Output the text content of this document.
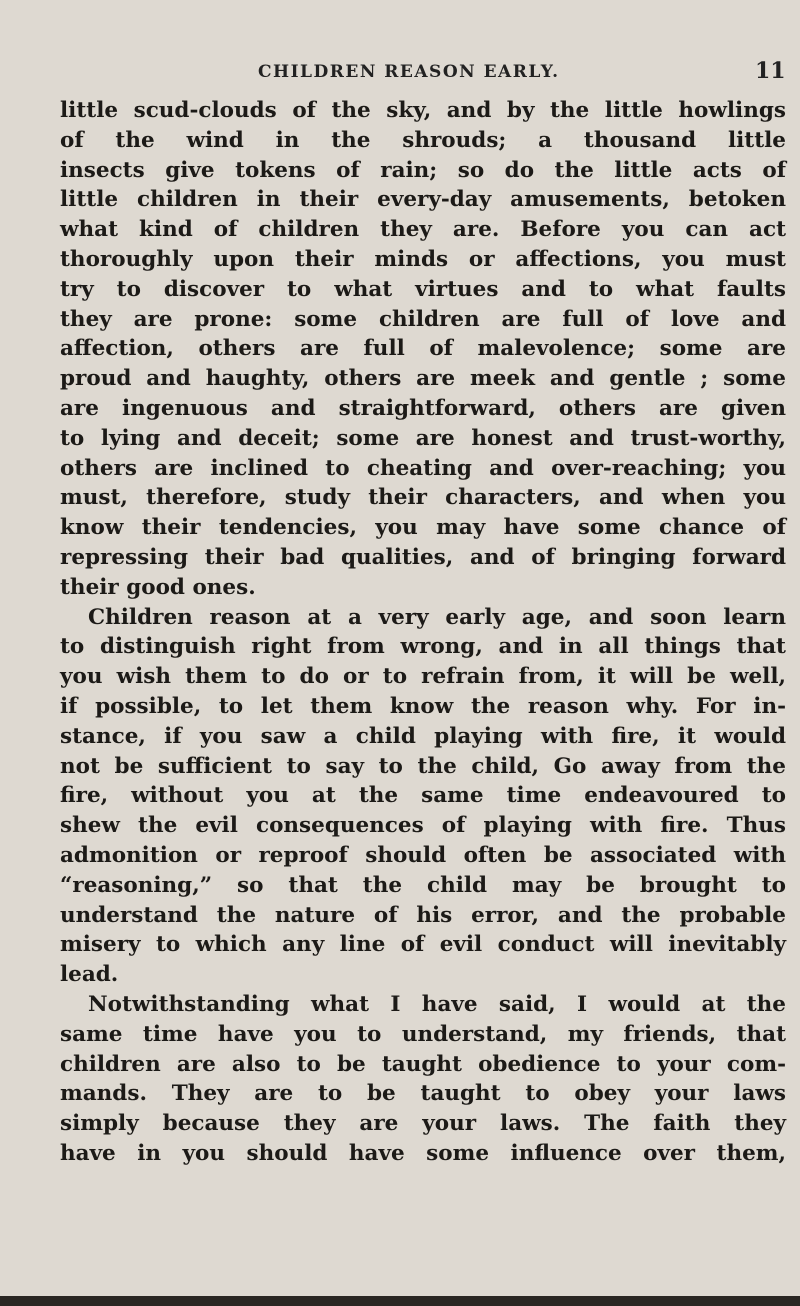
CHILDREN REASON EARLY.	11
little scud-clouds of the sky, and by the little howlings
of the wind in the shrouds; a thousand little
insects give tokens of rain; so do the little acts of
little children in their every-day amusements, betoken
what kind of children they are. Before you can act
thoroughly upon their minds or affections, you must
try to discover to what virtues and to what faults
they are prone: some children are full of love and
affection, others are full of malevolence; some are
proud and haughty, others are meek and gentle ; some
are ingenuous and straightforward, others are given
to lying and deceit; some are honest and trust-worthy,
others are inclined to cheating and over-reaching; you
must, therefore, study their characters, and when you
know their tendencies, you may have some chance of
repressing their bad qualities, and of bringing forward
their good ones.
Children reason at a very early age, and soon learn
to distinguish right from wrong, and in all things that
you wish them to do or to refrain from, it will be well,
if possible, to let them know the reason why. For in-
stance, if you saw a child playing with fire, it would
not be sufficient to say to the child, Go away from the
fire, without you at the same time endeavoured to
shew the evil consequences of playing with fire. Thus
admonition or reproof should often be associated with
“reasoning,” so that the child may be brought to
understand the nature of his error, and the probable
misery to which any line of evil conduct will inevitably
lead.
Notwithstanding what I have said, I would at the
same time have you to understand, my friends, that
children are also to be taught obedience to your com-
mands. They are to be taught to obey your laws
simply because they are your laws. The faith they
have in you should have some influence over them,
